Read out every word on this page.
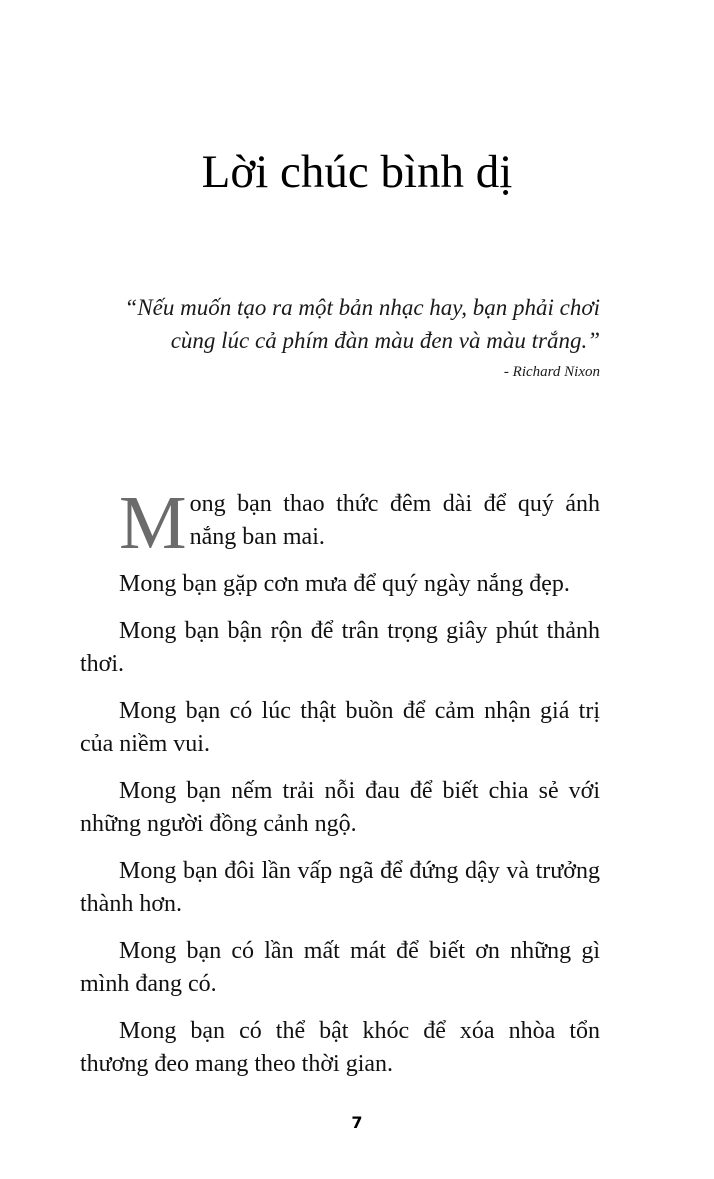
Lời chúc bình dị
“Nếu muốn tạo ra một bản nhạc hay, bạn phải chơi cùng lúc cả phím đàn màu đen và màu trắng.”
- Richard Nixon

Mong bạn thao thức đêm dài để quý ánh nắng ban mai.

Mong bạn gặp cơn mưa để quý ngày nắng đẹp.

Mong bạn bận rộn để trân trọng giây phút thảnh thơi.

Mong bạn có lúc thật buồn để cảm nhận giá trị của niềm vui.

Mong bạn nếm trải nỗi đau để biết chia sẻ với những người đồng cảnh ngộ.

Mong bạn đôi lần vấp ngã để đứng dậy và trưởng thành hơn.

Mong bạn có lần mất mát để biết ơn những gì mình đang có.

Mong bạn có thể bật khóc để xóa nhòa tổn thương đeo mang theo thời gian.

7
